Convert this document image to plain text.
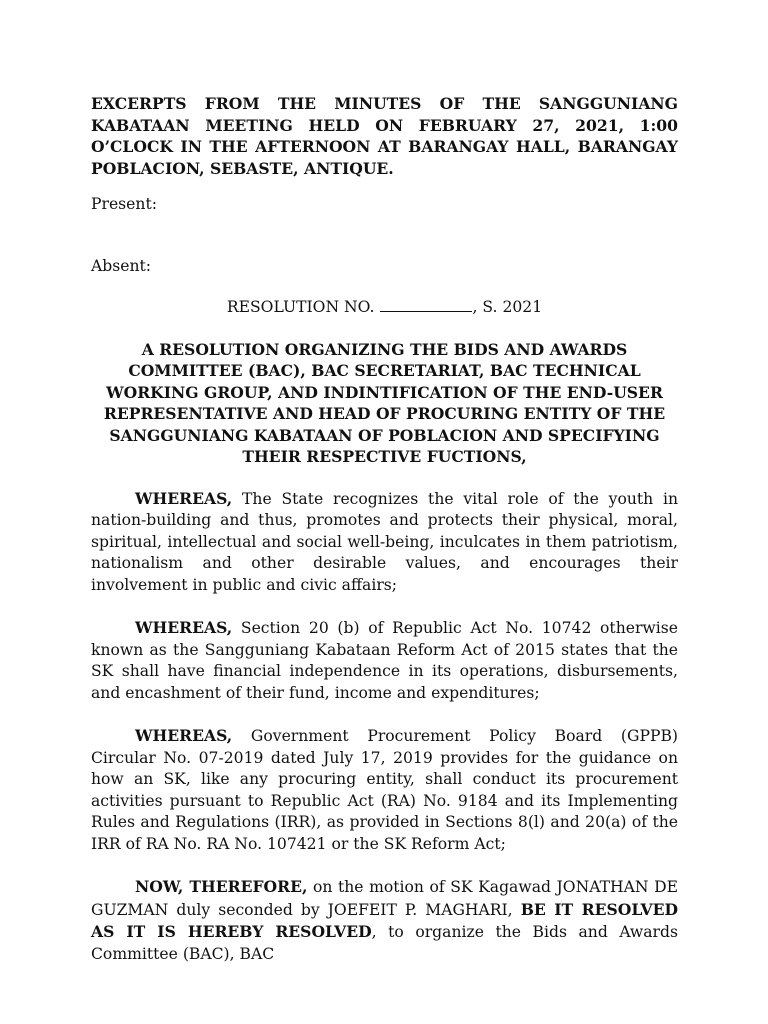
EXCERPTS FROM THE MINUTES OF THE SANGGUNIANG KABATAAN MEETING HELD ON FEBRUARY 27, 2021, 1:00 O’CLOCK IN THE AFTERNOON AT BARANGAY HALL, BARANGAY POBLACION, SEBASTE, ANTIQUE.

Present:

Absent:

RESOLUTION NO.	, S. 2021

A RESOLUTION ORGANIZING THE BIDS AND AWARDS COMMITTEE (BAC), BAC SECRETARIAT, BAC TECHNICAL WORKING GROUP, AND INDINTIFICATION OF THE END-USER REPRESENTATIVE AND HEAD OF PROCURING ENTITY OF THE SANGGUNIANG KABATAAN OF POBLACION AND SPECIFYING THEIR RESPECTIVE FUCTIONS,

WHEREAS, The State recognizes the vital role of the youth in nation-building and thus, promotes and protects their physical, moral, spiritual, intellectual and social well-being, inculcates in them patriotism, nationalism and other desirable values, and encourages their involvement in public and civic affairs;

WHEREAS, Section 20 (b) of Republic Act No. 10742 otherwise known as the Sangguniang Kabataan Reform Act of 2015 states that the SK shall have financial independence in its operations, disbursements, and encashment of their fund, income and expenditures;

WHEREAS, Government Procurement Policy Board (GPPB) Circular No. 07-2019 dated July 17, 2019 provides for the guidance on how an SK, like any procuring entity, shall conduct its procurement activities pursuant to Republic Act (RA) No. 9184 and its Implementing Rules and Regulations (IRR), as provided in Sections 8(l) and 20(a) of the IRR of RA No. RA No. 107421 or the SK Reform Act;

NOW, THEREFORE, on the motion of SK Kagawad JONATHAN DE GUZMAN duly seconded by JOEFEIT P. MAGHARI, BE IT RESOLVED AS IT IS HEREBY RESOLVED, to organize the Bids and Awards Committee (BAC), BAC
